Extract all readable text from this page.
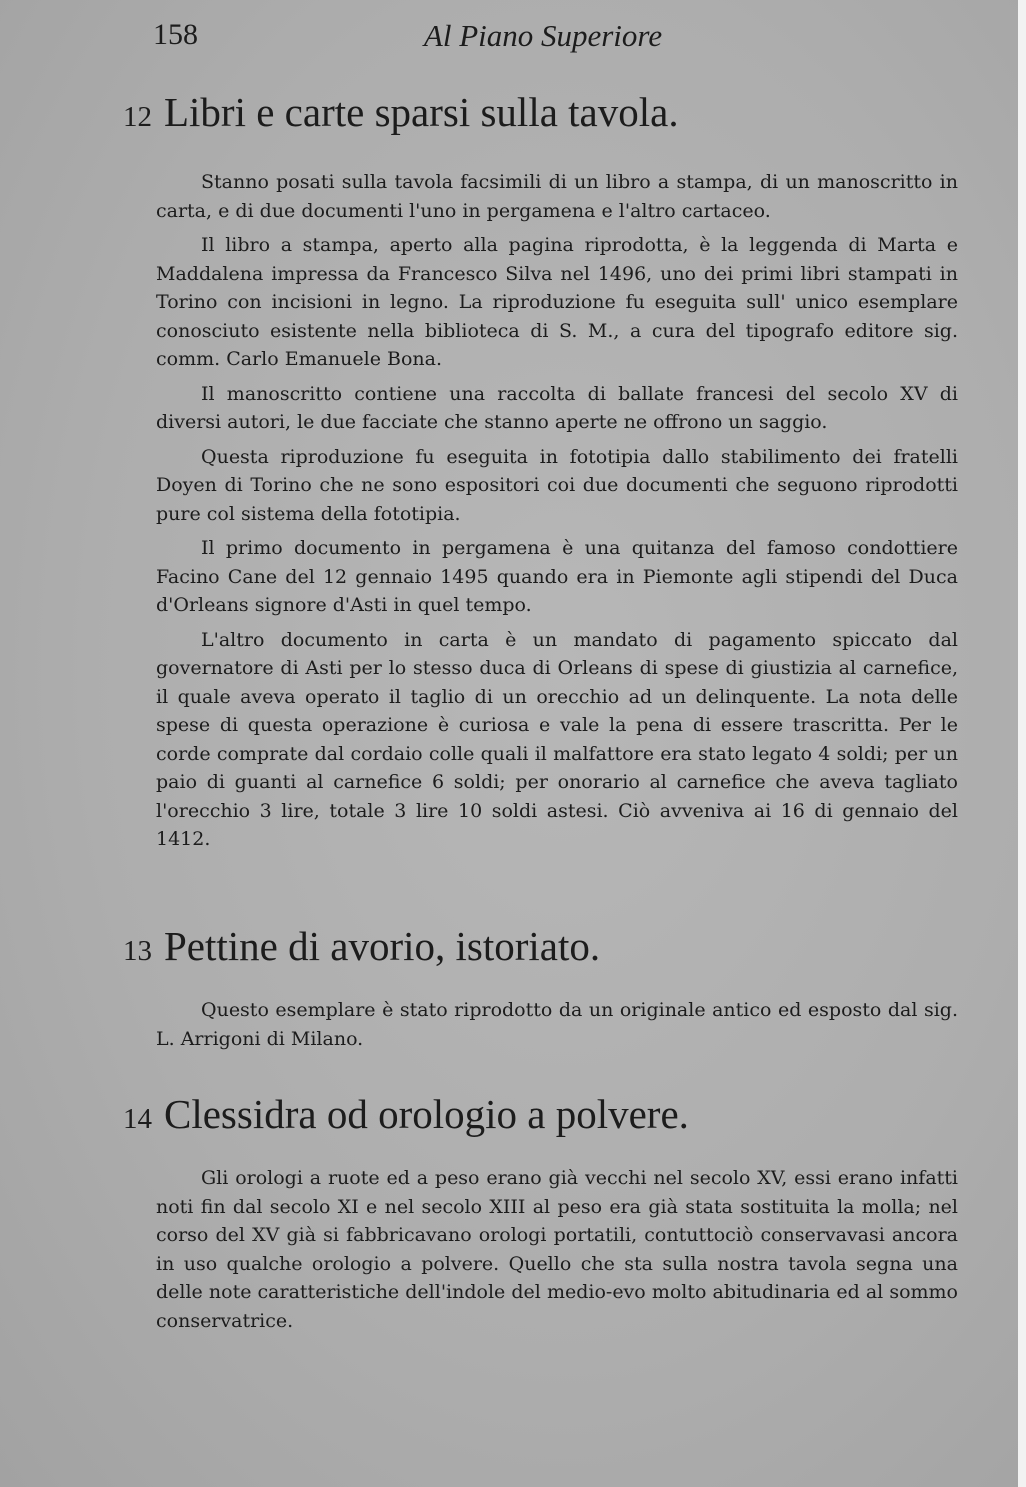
158	Al Piano Superiore
12 Libri e carte sparsi sulla tavola.

Stanno posati sulla tavola facsimili di un libro a stampa, di un manoscritto in carta, e di due documenti l'uno in pergamena e l'altro cartaceo.

Il libro a stampa, aperto alla pagina riprodotta, è la leggenda di Marta e Maddalena impressa da Francesco Silva nel 1496, uno dei primi libri stampati in Torino con incisioni in legno. La riproduzione fu eseguita sull' unico esemplare conosciuto esistente nella biblioteca di S. M., a cura del tipografo editore sig. comm. Carlo Emanuele Bona.

Il manoscritto contiene una raccolta di ballate francesi del secolo XV di diversi autori, le due facciate che stanno aperte ne offrono un saggio.

Questa riproduzione fu eseguita in fototipia dallo stabilimento dei fratelli Doyen di Torino che ne sono espositori coi due documenti che seguono riprodotti pure col sistema della fototipia.

Il primo documento in pergamena è una quitanza del famoso condottiere Facino Cane del 12 gennaio 1495 quando era in Piemonte agli stipendi del Duca d'Orleans signore d'Asti in quel tempo.

L'altro documento in carta è un mandato di pagamento spiccato dal governatore di Asti per lo stesso duca di Orleans di spese di giustizia al carnefice, il quale aveva operato il taglio di un orecchio ad un delinquente. La nota delle spese di questa operazione è curiosa e vale la pena di essere trascritta. Per le corde comprate dal cordaio colle quali il malfattore era stato legato 4 soldi; per un paio di guanti al carnefice 6 soldi; per onorario al carnefice che aveva tagliato l'orecchio 3 lire, totale 3 lire 10 soldi astesi. Ciò avveniva ai 16 di gennaio del 1412.

13 Pettine di avorio, istoriato.

Questo esemplare è stato riprodotto da un originale antico ed esposto dal sig. L. Arrigoni di Milano.

14 Clessidra od orologio a polvere.

Gli orologi a ruote ed a peso erano già vecchi nel secolo XV, essi erano infatti noti fin dal secolo XI e nel secolo XIII al peso era già stata sostituita la molla; nel corso del XV già si fabbricavano orologi portatili, contuttociò conservavasi ancora in uso qualche orologio a polvere. Quello che sta sulla nostra tavola segna una delle note caratteristiche dell'indole del medio-evo molto abitudinaria ed al sommo conservatrice.
